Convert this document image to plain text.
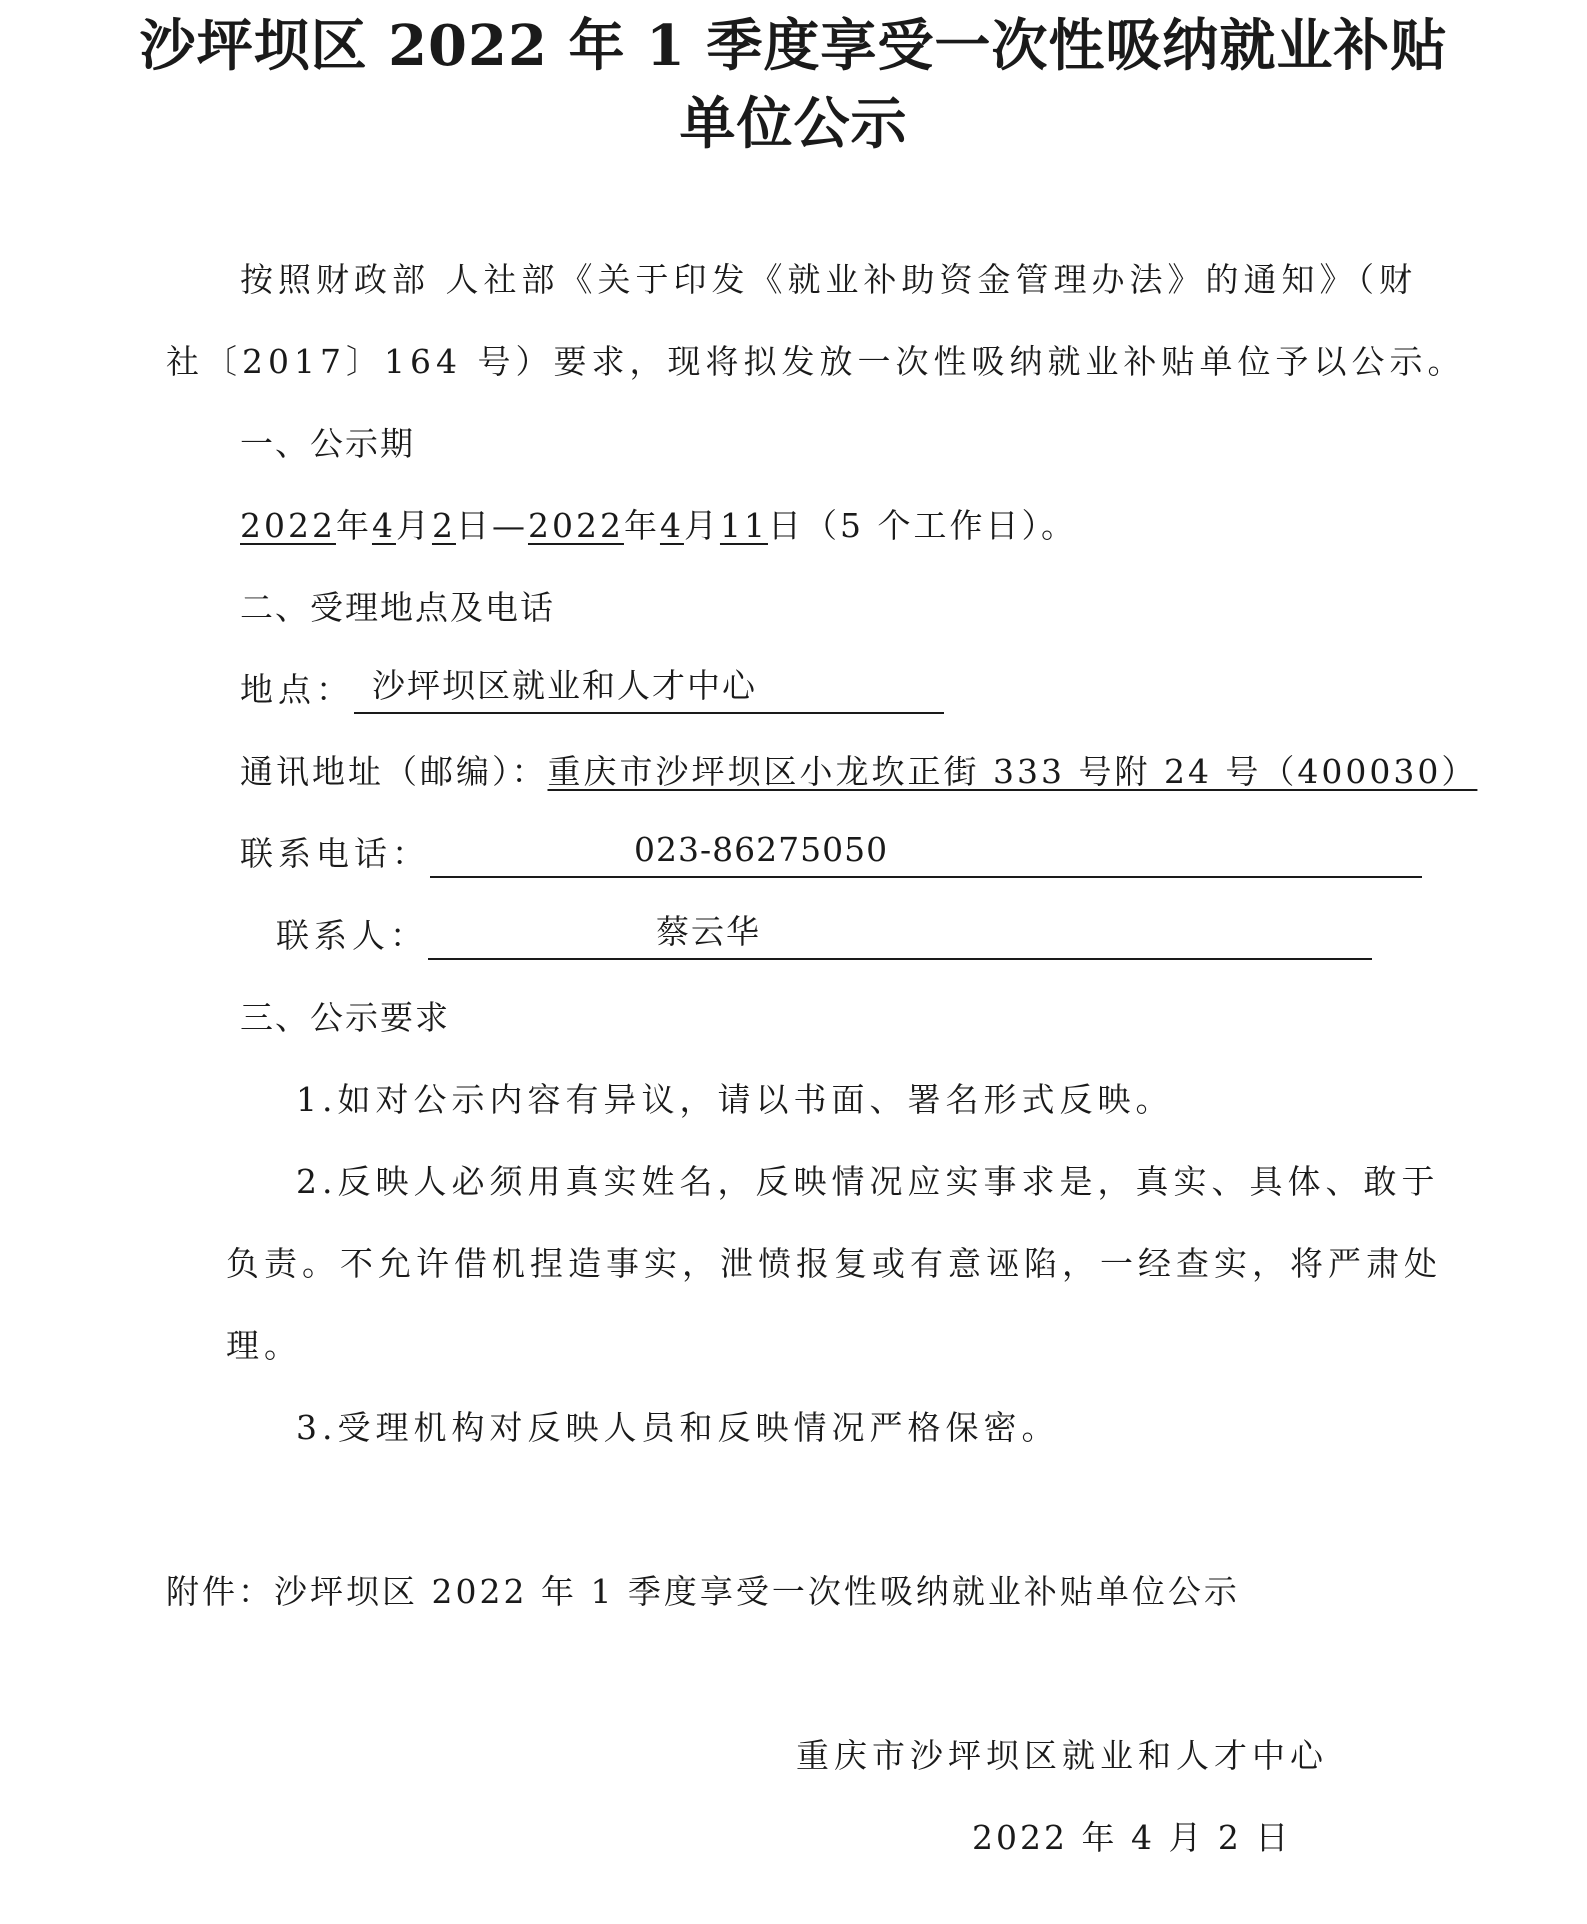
沙坪坝区 2022 年 1 季度享受一次性吸纳就业补贴
单位公示
按照财政部 人社部《关于印发《就业补助资金管理办法》的通知》（财
社〔2017〕164 号）要求，现将拟发放一次性吸纳就业补贴单位予以公示。
一、公示期
2022年4月2日—2022年4月11日（5 个工作日）。
二、受理地点及电话
地点： 沙坪坝区就业和人才中心
通讯地址（邮编）：重庆市沙坪坝区小龙坎正街 333 号附 24 号（400030）
联系电话：	023-86275050
联系人：	蔡云华
三、公示要求
1.如对公示内容有异议，请以书面、署名形式反映。
2.反映人必须用真实姓名，反映情况应实事求是，真实、具体、敢于
负责。不允许借机捏造事实，泄愤报复或有意诬陷，一经查实，将严肃处
理。
3.受理机构对反映人员和反映情况严格保密。
附件：沙坪坝区 2022 年 1 季度享受一次性吸纳就业补贴单位公示
重庆市沙坪坝区就业和人才中心
2022 年 4 月 2 日
